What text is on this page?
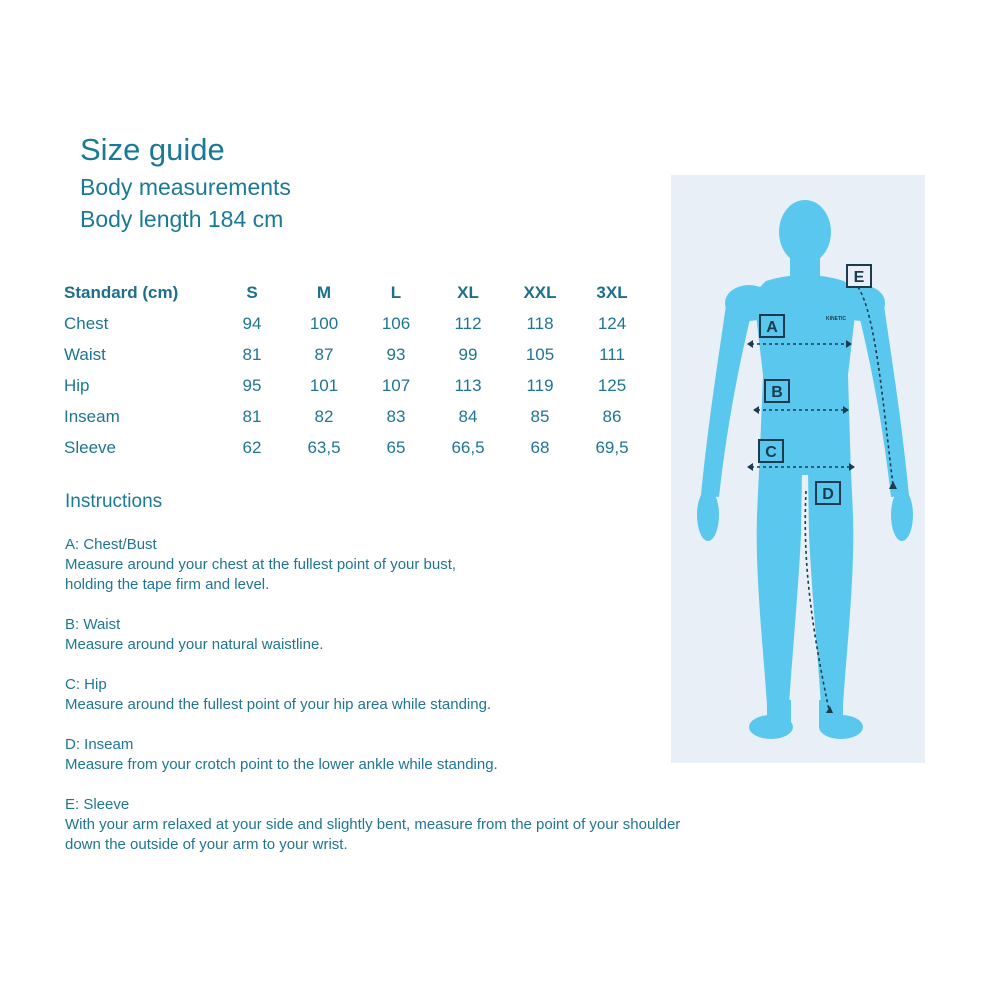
Size guide
Body measurements
Body length 184 cm
Standard (cm)	S	M	L	XL	XXL	3XL
Chest	94	100	106	112	118	124
Waist	81	87	93	99	105	111
Hip	95	101	107	113	119	125
Inseam	81	82	83	84	85	86
Sleeve	62	63,5	65	66,5	68	69,5
Instructions
A: Chest/Bust
Measure around your chest at the fullest point of your bust,
holding the tape firm and level.
B: Waist
Measure around your natural waistline.
C: Hip
Measure around the fullest point of your hip area while standing.
D: Inseam
Measure from your crotch point to the lower ankle while standing.
E: Sleeve
With your arm relaxed at your side and slightly bent, measure from the point of your shoulder
down the outside of your arm to your wrist.
KINETIC
A
B
C
D
E
